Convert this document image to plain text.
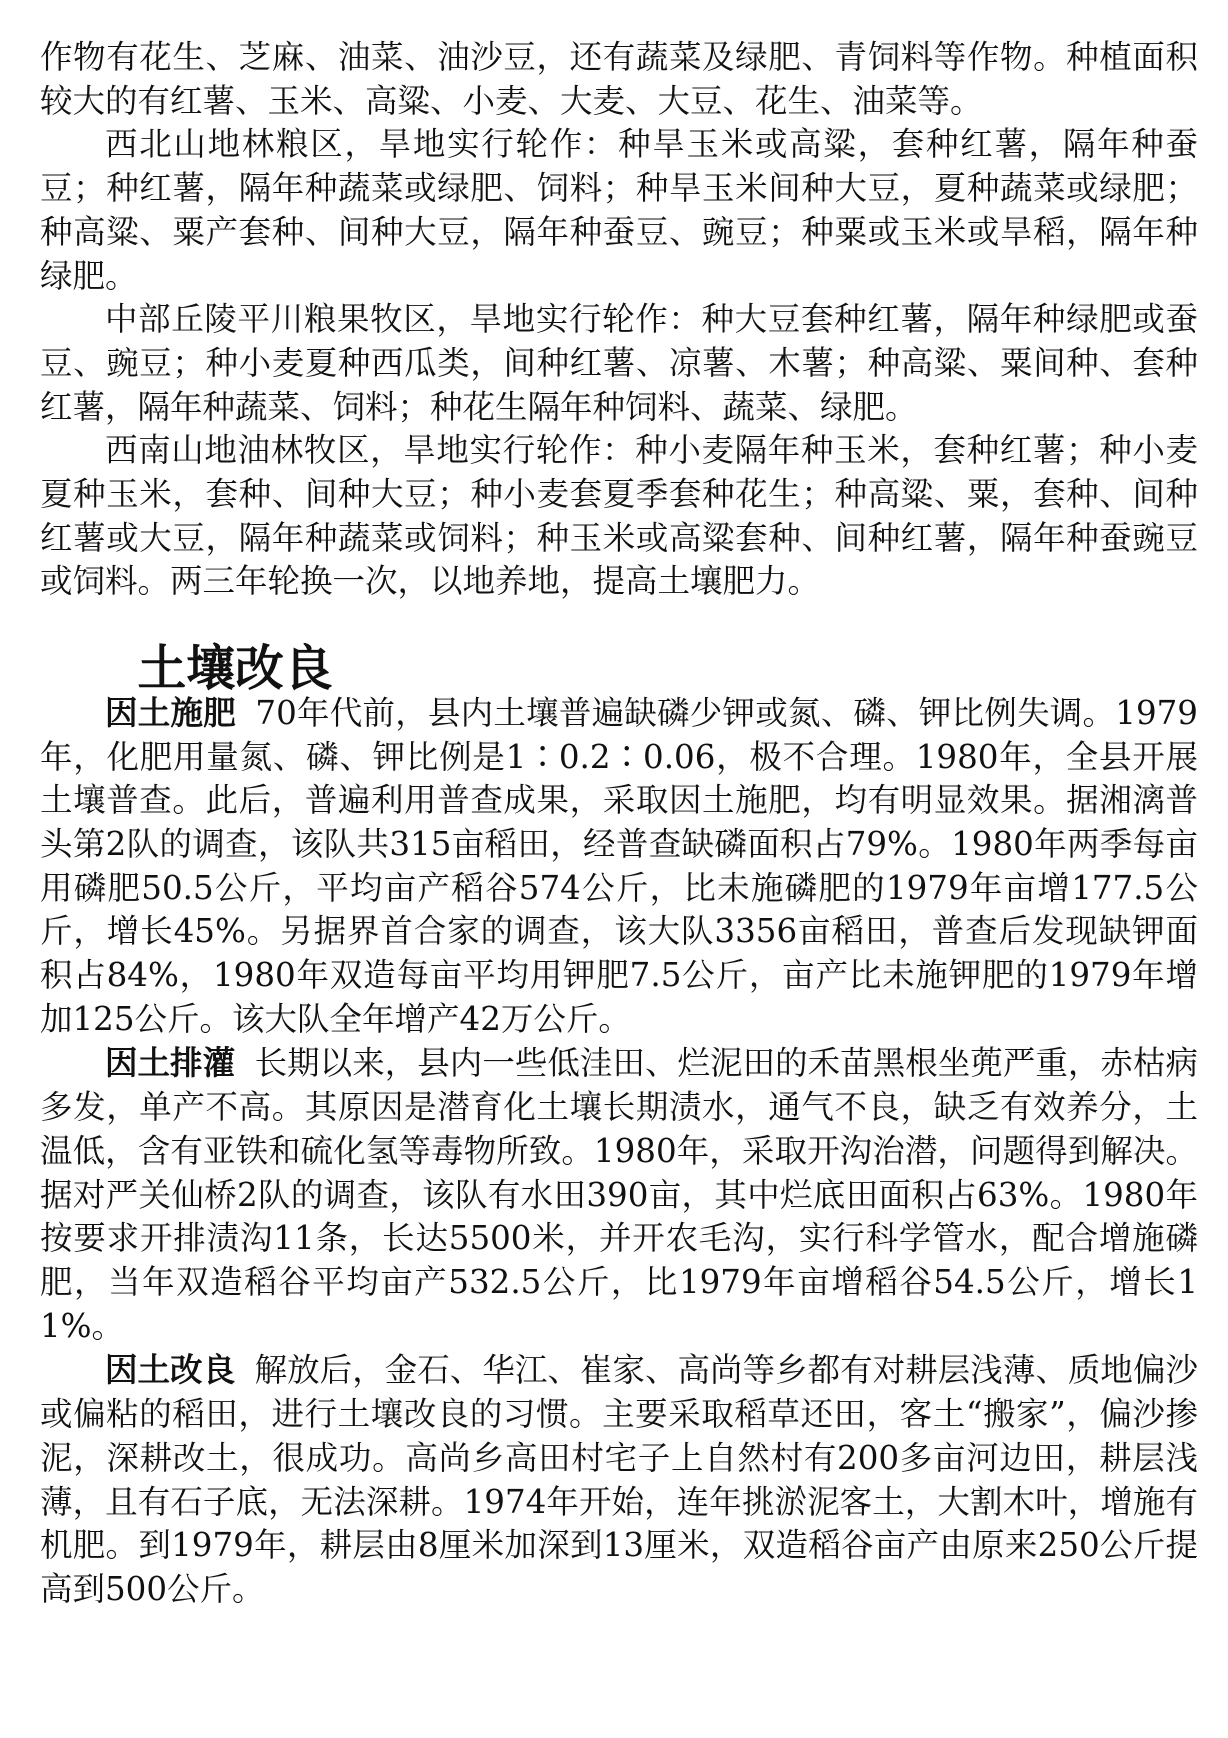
作物有花生、芝麻、油菜、油沙豆，还有蔬菜及绿肥、青饲料等作物。种植面积较大的有红薯、玉米、高粱、小麦、大麦、大豆、花生、油菜等。

西北山地林粮区，旱地实行轮作：种旱玉米或高粱，套种红薯，隔年种蚕豆；种红薯，隔年种蔬菜或绿肥、饲料；种旱玉米间种大豆，夏种蔬菜或绿肥；种高粱、粟产套种、间种大豆，隔年种蚕豆、豌豆；种粟或玉米或旱稻，隔年种绿肥。

中部丘陵平川粮果牧区，旱地实行轮作：种大豆套种红薯，隔年种绿肥或蚕豆、豌豆；种小麦夏种西瓜类，间种红薯、凉薯、木薯；种高粱、粟间种、套种红薯，隔年种蔬菜、饲料；种花生隔年种饲料、蔬菜、绿肥。

西南山地油林牧区，旱地实行轮作：种小麦隔年种玉米，套种红薯；种小麦夏种玉米，套种、间种大豆；种小麦套夏季套种花生；种高粱、粟，套种、间种红薯或大豆，隔年种蔬菜或饲料；种玉米或高粱套种、间种红薯，隔年种蚕豌豆或饲料。两三年轮换一次，以地养地，提高土壤肥力。

土壤改良

因土施肥 70年代前，县内土壤普遍缺磷少钾或氮、磷、钾比例失调。1979年，化肥用量氮、磷、钾比例是1∶0.2∶0.06，极不合理。1980年，全县开展土壤普查。此后，普遍利用普查成果，采取因土施肥，均有明显效果。据湘漓普头第2队的调查，该队共315亩稻田，经普查缺磷面积占79%。1980年两季每亩用磷肥50.5公斤，平均亩产稻谷574公斤，比未施磷肥的1979年亩增177.5公斤，增长45%。另据界首合家的调查，该大队3356亩稻田，普查后发现缺钾面积占84%，1980年双造每亩平均用钾肥7.5公斤，亩产比未施钾肥的1979年增加125公斤。该大队全年增产42万公斤。

因土排灌 长期以来，县内一些低洼田、烂泥田的禾苗黑根坐蔸严重，赤枯病多发，单产不高。其原因是潜育化土壤长期渍水，通气不良，缺乏有效养分，土温低，含有亚铁和硫化氢等毒物所致。1980年，采取开沟治潜，问题得到解决。据对严关仙桥2队的调查，该队有水田390亩，其中烂底田面积占63%。1980年按要求开排渍沟11条，长达5500米，并开农毛沟，实行科学管水，配合增施磷肥，当年双造稻谷平均亩产532.5公斤，比1979年亩增稻谷54.5公斤，增长11%。

因土改良 解放后，金石、华江、崔家、高尚等乡都有对耕层浅薄、质地偏沙或偏粘的稻田，进行土壤改良的习惯。主要采取稻草还田，客土“搬家”，偏沙掺泥，深耕改土，很成功。高尚乡高田村宅子上自然村有200多亩河边田，耕层浅薄，且有石子底，无法深耕。1974年开始，连年挑淤泥客土，大割木叶，增施有机肥。到1979年，耕层由8厘米加深到13厘米，双造稻谷亩产由原来250公斤提高到500公斤。
